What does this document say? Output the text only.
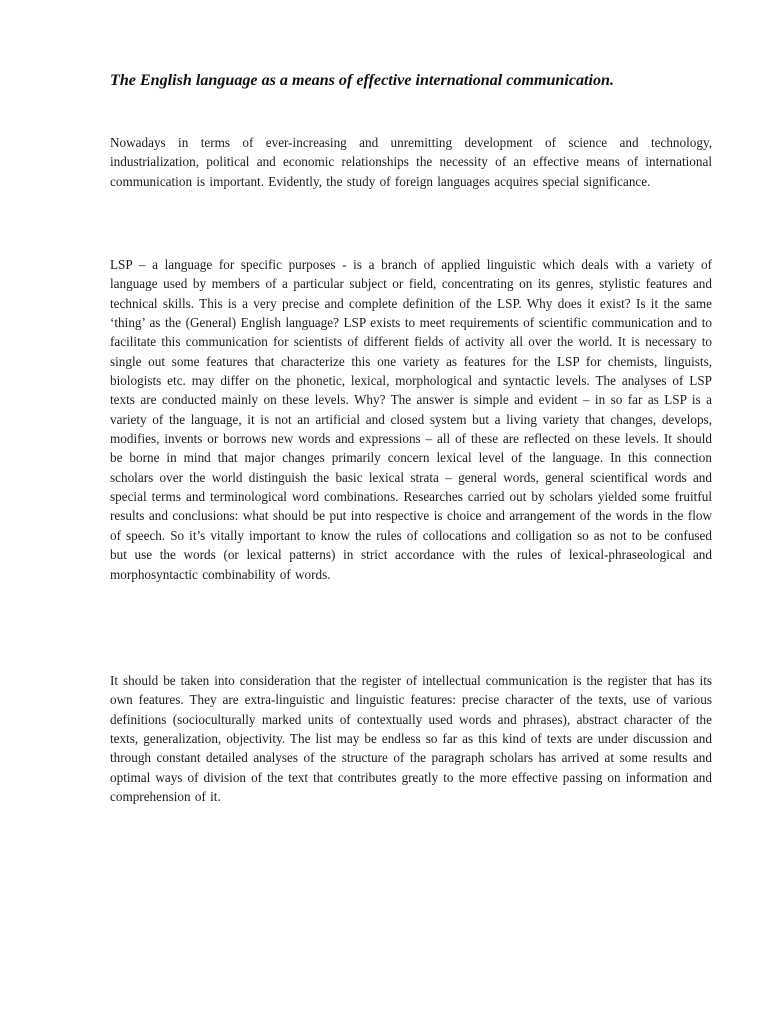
The English language as a means of effective international communication.

Nowadays in terms of ever-increasing and unremitting development of science and technology, industrialization, political and economic relationships the necessity of an effective means of international communication is important. Evidently, the study of foreign languages acquires special significance.

LSP – a language for specific purposes - is a branch of applied linguistic which deals with a variety of language used by members of a particular subject or field, concentrating on its genres, stylistic features and technical skills. This is a very precise and complete definition of the LSP. Why does it exist? Is it the same ‘thing’ as the (General) English language? LSP exists to meet requirements of scientific communication and to facilitate this communication for scientists of different fields of activity all over the world. It is necessary to single out some features that characterize this one variety as features for the LSP for chemists, linguists, biologists etc. may differ on the phonetic, lexical, morphological and syntactic levels. The analyses of LSP texts are conducted mainly on these levels. Why? The answer is simple and evident – in so far as LSP is a variety of the language, it is not an artificial and closed system but a living variety that changes, develops, modifies, invents or borrows new words and expressions – all of these are reflected on these levels. It should be borne in mind that major changes primarily concern lexical level of the language. In this connection scholars over the world distinguish the basic lexical strata – general words, general scientifical words and special terms and terminological word combinations. Researches carried out by scholars yielded some fruitful results and conclusions: what should be put into respective is choice and arrangement of the words in the flow of speech. So it’s vitally important to know the rules of collocations and colligation so as not to be confused but use the words (or lexical patterns) in strict accordance with the rules of lexical-phraseological and morphosyntactic combinability of words.

It should be taken into consideration that the register of intellectual communication is the register that has its own features. They are extra-linguistic and linguistic features: precise character of the texts, use of various definitions (socioculturally marked units of contextually used words and phrases), abstract character of the texts, generalization, objectivity. The list may be endless so far as this kind of texts are under discussion and through constant detailed analyses of the structure of the paragraph scholars has arrived at some results and optimal ways of division of the text that contributes greatly to the more effective passing on information and comprehension of it.
